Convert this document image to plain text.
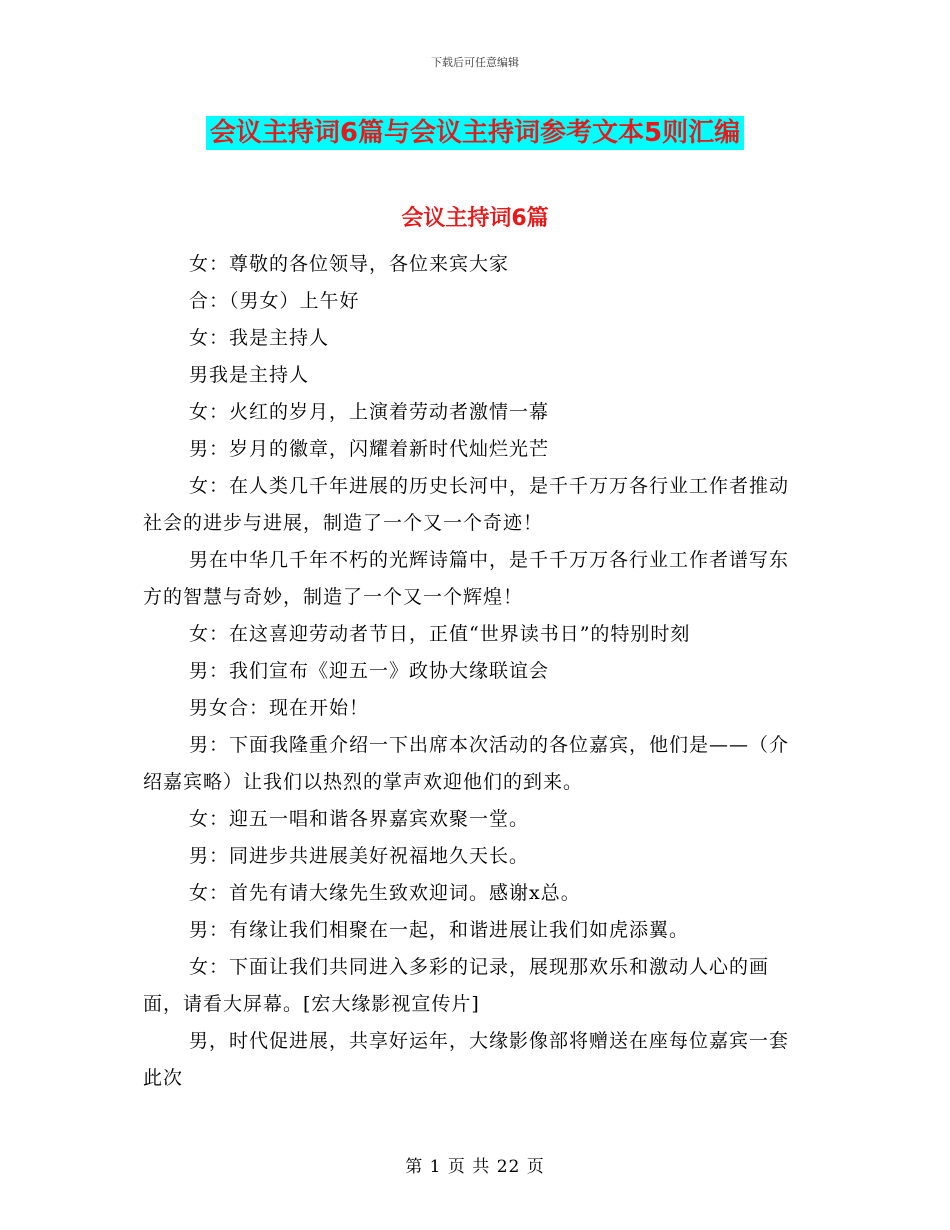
下载后可任意编辑
会议主持词6篇与会议主持词参考文本5则汇编
会议主持词6篇

女：尊敬的各位领导，各位来宾大家

合：（男女）上午好

女：我是主持人

男我是主持人

女：火红的岁月，上演着劳动者激情一幕

男：岁月的徽章，闪耀着新时代灿烂光芒

女：在人类几千年进展的历史长河中，是千千万万各行业工作者推动社会的进步与进展，制造了一个又一个奇迹！

男在中华几千年不朽的光辉诗篇中，是千千万万各行业工作者谱写东方的智慧与奇妙，制造了一个又一个辉煌！

女：在这喜迎劳动者节日，正值“世界读书日”的特别时刻

男：我们宣布《迎五一》政协大缘联谊会

男女合：现在开始！

男：下面我隆重介绍一下出席本次活动的各位嘉宾，他们是——（介绍嘉宾略）让我们以热烈的掌声欢迎他们的到来。

女：迎五一唱和谐各界嘉宾欢聚一堂。

男：同进步共进展美好祝福地久天长。

女：首先有请大缘先生致欢迎词。感谢x总。

男：有缘让我们相聚在一起，和谐进展让我们如虎添翼。

女：下面让我们共同进入多彩的记录，展现那欢乐和激动人心的画面，请看大屏幕。[宏大缘影视宣传片]

男，时代促进展，共享好运年，大缘影像部将赠送在座每位嘉宾一套此次

第 1 页 共 22 页
